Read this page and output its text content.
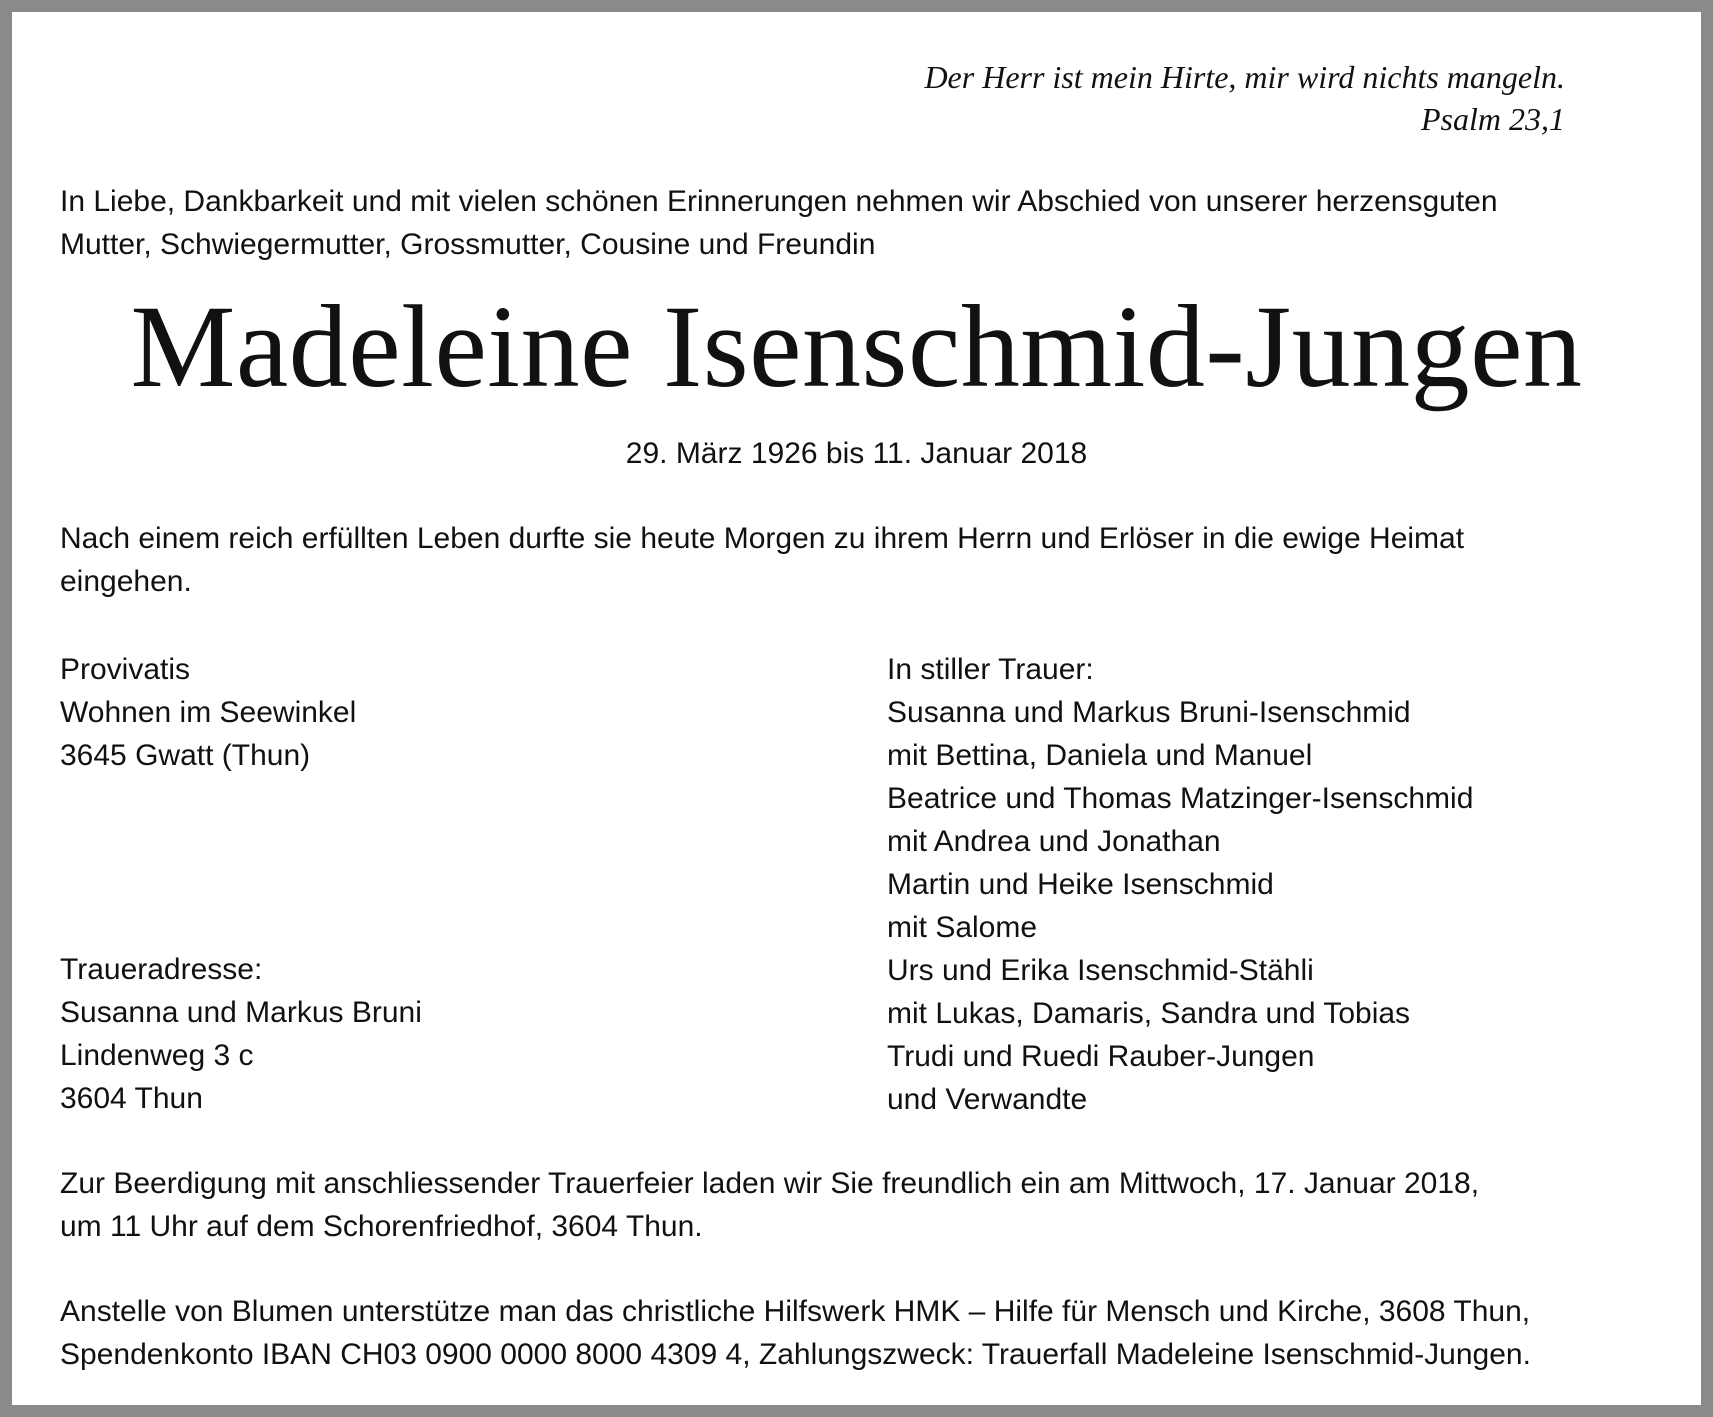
Der Herr ist mein Hirte, mir wird nichts mangeln.
Psalm 23,1
In Liebe, Dankbarkeit und mit vielen schönen Erinnerungen nehmen wir Abschied von unserer herzensguten
Mutter, Schwiegermutter, Grossmutter, Cousine und Freundin
Madeleine Isenschmid-Jungen
29. März 1926 bis 11. Januar 2018
Nach einem reich erfüllten Leben durfte sie heute Morgen zu ihrem Herrn und Erlöser in die ewige Heimat
eingehen.
Provivatis
Wohnen im Seewinkel
3645 Gwatt (Thun)
Traueradresse:
Susanna und Markus Bruni
Lindenweg 3 c
3604 Thun
In stiller Trauer:
Susanna und Markus Bruni-Isenschmid
mit Bettina, Daniela und Manuel
Beatrice und Thomas Matzinger-Isenschmid
mit Andrea und Jonathan
Martin und Heike Isenschmid
mit Salome
Urs und Erika Isenschmid-Stähli
mit Lukas, Damaris, Sandra und Tobias
Trudi und Ruedi Rauber-Jungen
und Verwandte
Zur Beerdigung mit anschliessender Trauerfeier laden wir Sie freundlich ein am Mittwoch, 17. Januar 2018,
um 11 Uhr auf dem Schorenfriedhof, 3604 Thun.
Anstelle von Blumen unterstütze man das christliche Hilfswerk HMK – Hilfe für Mensch und Kirche, 3608 Thun,
Spendenkonto IBAN CH03 0900 0000 8000 4309 4, Zahlungszweck: Trauerfall Madeleine Isenschmid-Jungen.
